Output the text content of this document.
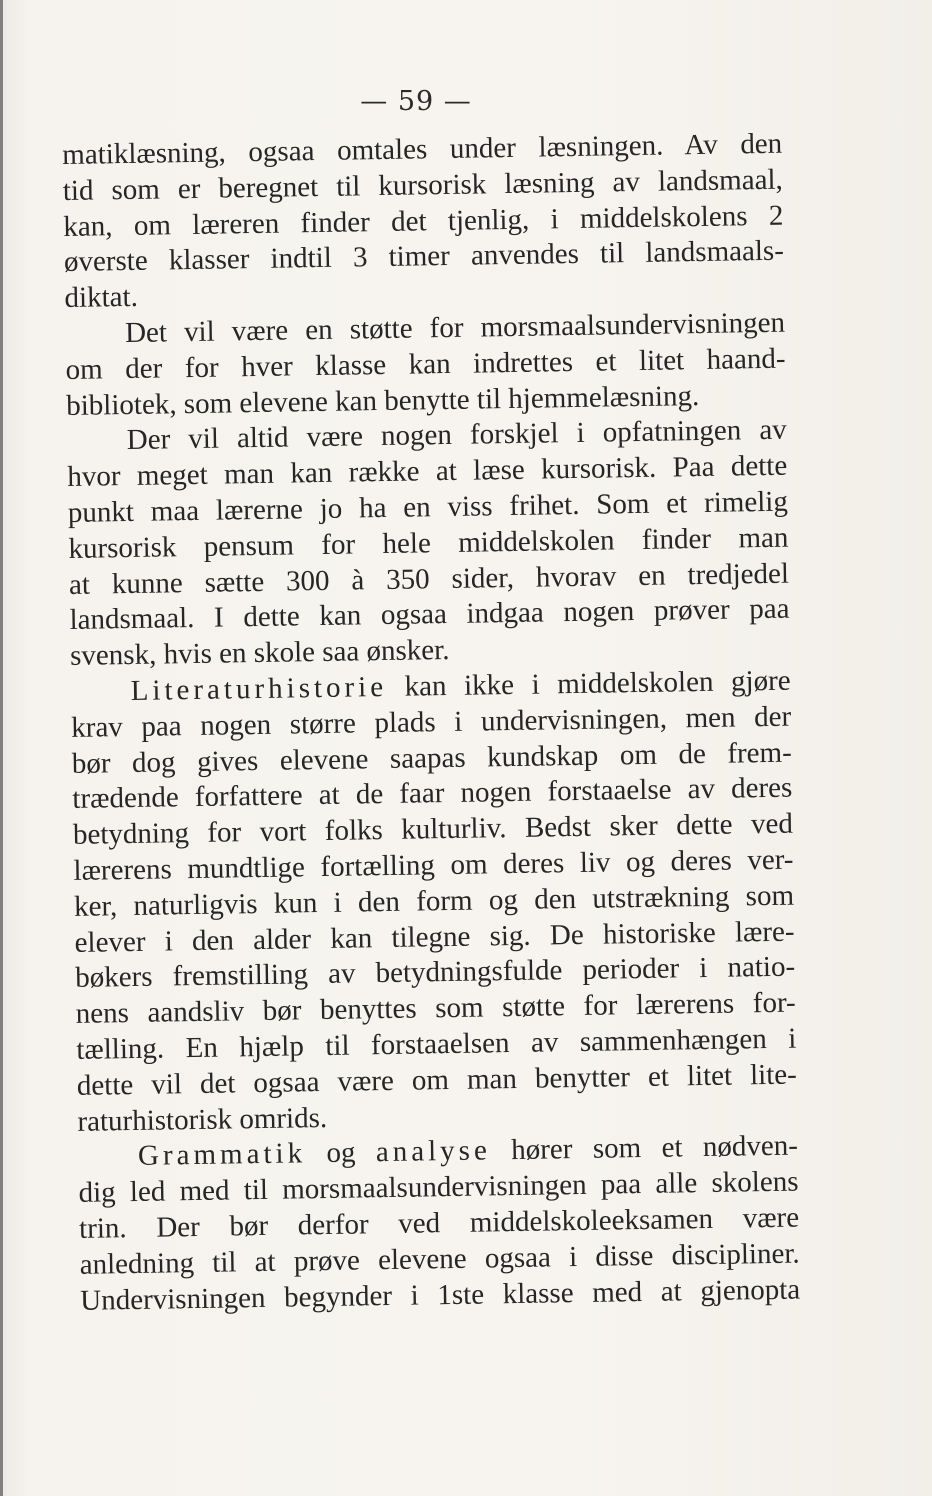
— 59 —
matiklæsning, ogsaa omtales under læsningen. Av den
tid som er beregnet til kursorisk læsning av landsmaal,
kan, om læreren finder det tjenlig, i middelskolens 2
øverste klasser indtil 3 timer anvendes til landsmaals-
diktat.
Det vil være en støtte for morsmaalsundervisningen
om der for hver klasse kan indrettes et litet haand-
bibliotek, som elevene kan benytte til hjemmelæsning.
Der vil altid være nogen forskjel i opfatningen av
hvor meget man kan række at læse kursorisk. Paa dette
punkt maa lærerne jo ha en viss frihet. Som et rimelig
kursorisk pensum for hele middelskolen finder man
at kunne sætte 300 à 350 sider, hvorav en tredjedel
landsmaal. I dette kan ogsaa indgaa nogen prøver paa
svensk, hvis en skole saa ønsker.
Literaturhistorie kan ikke i middelskolen gjøre
krav paa nogen større plads i undervisningen, men der
bør dog gives elevene saapas kundskap om de frem-
trædende forfattere at de faar nogen forstaaelse av deres
betydning for vort folks kulturliv. Bedst sker dette ved
lærerens mundtlige fortælling om deres liv og deres ver-
ker, naturligvis kun i den form og den utstrækning som
elever i den alder kan tilegne sig. De historiske lære-
bøkers fremstilling av betydningsfulde perioder i natio-
nens aandsliv bør benyttes som støtte for lærerens for-
tælling. En hjælp til forstaaelsen av sammenhængen i
dette vil det ogsaa være om man benytter et litet lite-
raturhistorisk omrids.
Grammatik og analyse hører som et nødven-
dig led med til morsmaalsundervisningen paa alle skolens
trin. Der bør derfor ved middelskoleeksamen være
anledning til at prøve elevene ogsaa i disse discipliner.
Undervisningen begynder i 1ste klasse med at gjenopta
